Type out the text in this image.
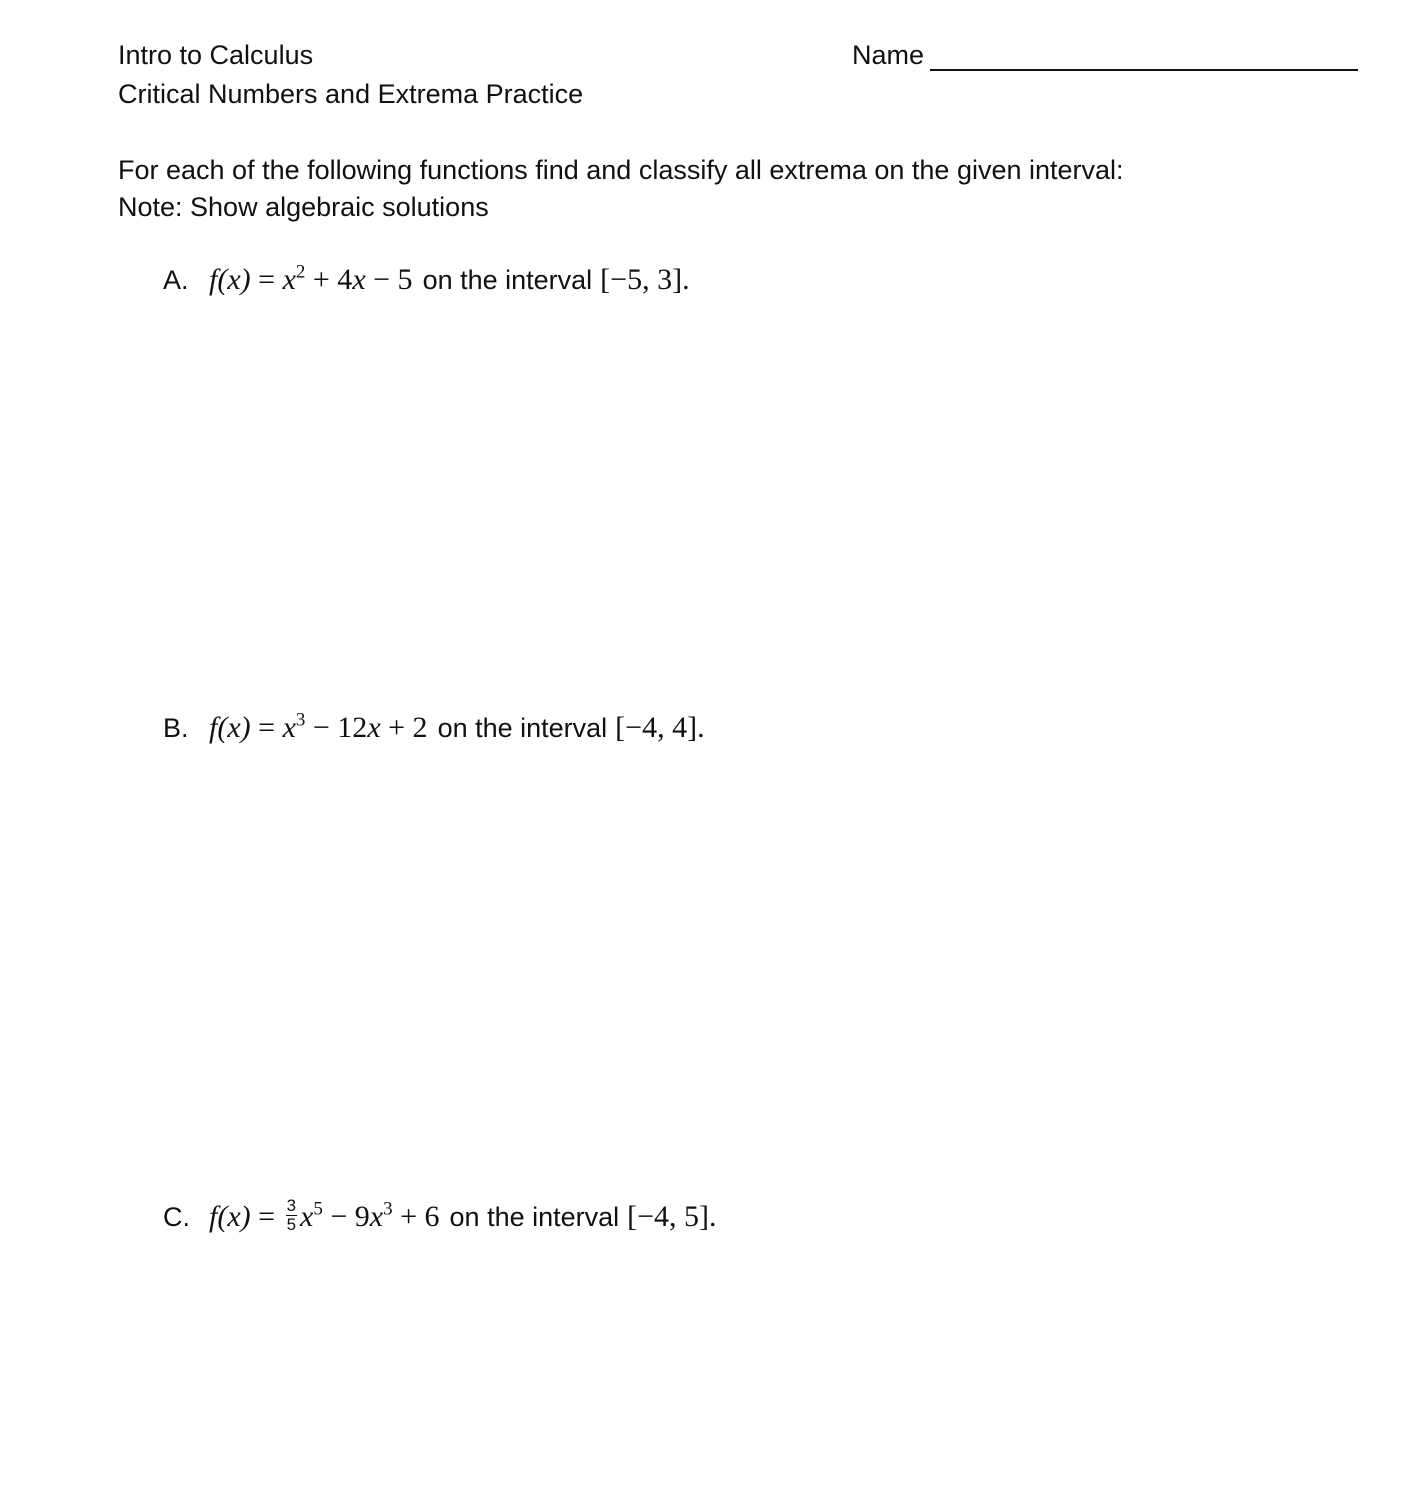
Intro to Calculus
Critical Numbers and Extrema Practice
Name
For each of the following functions find and classify all extrema on the given interval:
Note: Show algebraic solutions
A. $f(x) = x^2 + 4x - 5$ on the interval [−5, 3].
B. $f(x) = x^3 - 12x + 2$ on the interval [−4, 4].
C. $f(x) = \frac{3}{5} x^5 - 9x^3 + 6$ on the interval [−4, 5].
